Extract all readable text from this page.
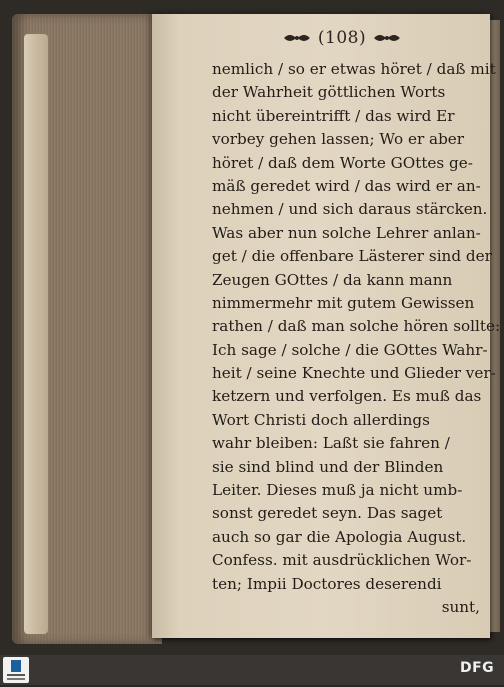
(108)
nemlich / so er etwas höret / daß mit
der Wahrheit göttlichen Worts
nicht übereintrifft / das wird Er
vorbey gehen lassen; Wo er aber
höret / daß dem Worte GOttes ge-
mäß geredet wird / das wird er an-
nehmen / und sich daraus stärcken.
Was aber nun solche Lehrer anlan-
get / die offenbare Lästerer sind der
Zeugen GOttes / da kann mann
nimmermehr mit gutem Gewissen
rathen / daß man solche hören sollte:
Ich sage / solche / die GOttes Wahr-
heit / seine Knechte und Glieder ver-
ketzern und verfolgen. Es muß das
Wort Christi doch allerdings
wahr bleiben: Laßt sie fahren /
sie sind blind und der Blinden
Leiter. Dieses muß ja nicht umb-
sonst geredet seyn. Das saget
auch so gar die Apologia August.
Confess. mit ausdrücklichen Wor-
ten; Impii Doctores deserendi
sunt,
DFG
